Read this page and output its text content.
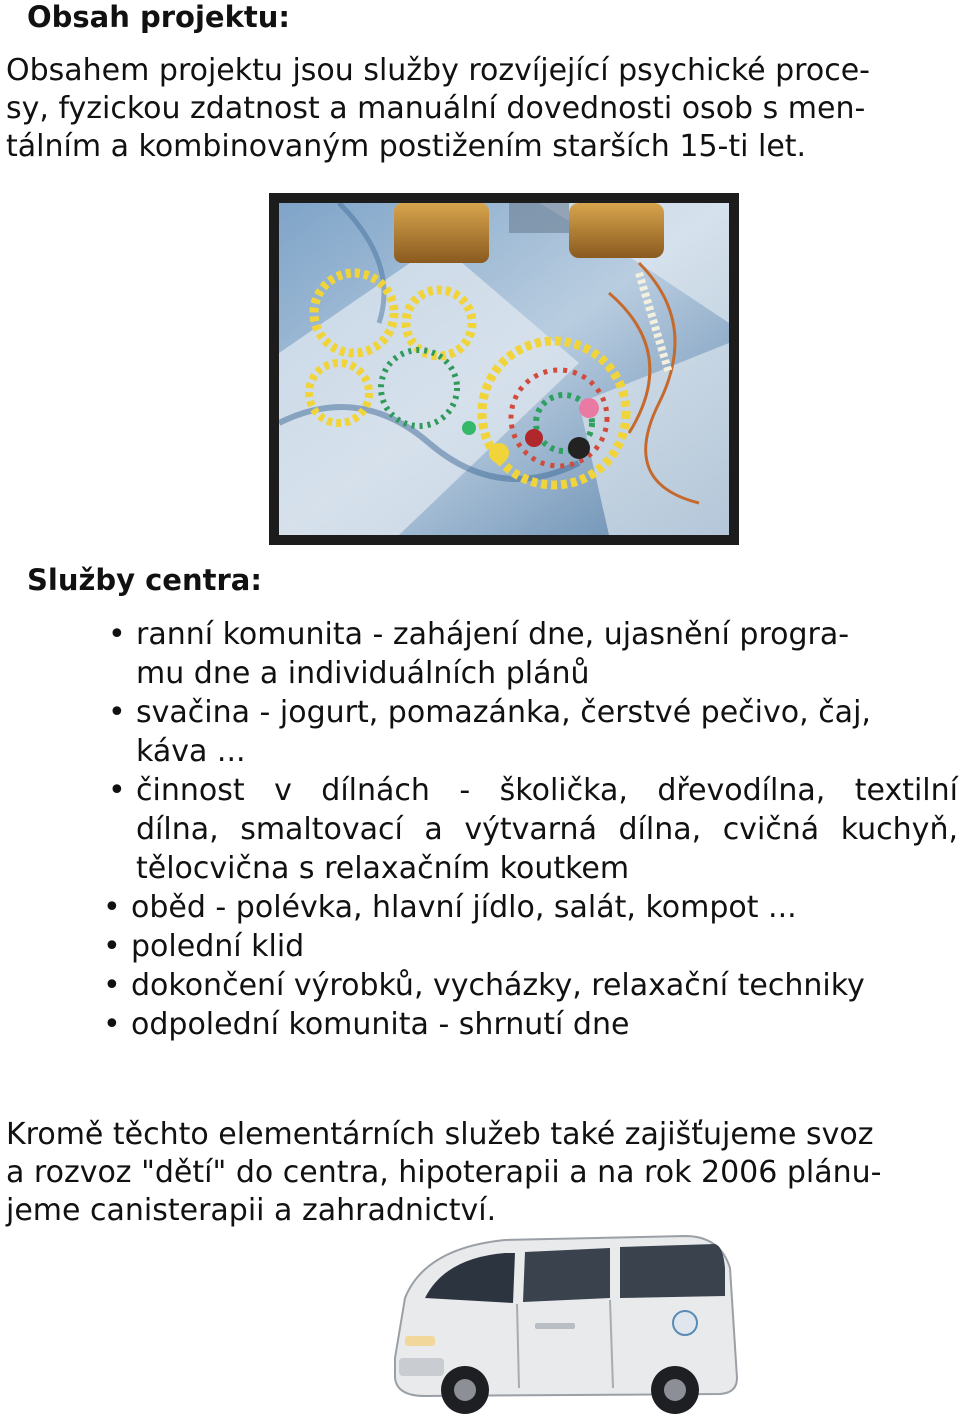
Obsah projektu:

Obsahem projektu jsou služby rozvíjející psychické proce-
sy, fyzickou zdatnost a manuální dovednosti osob s men-
tálním a kombinovaným postižením starších 15-ti let.

Služby centra:
• ranní komunita - zahájení dne, ujasnění progra-
mu dne a individuálních plánů
• svačina - jogurt, pomazánka, čerstvé pečivo, čaj,
káva ...
• činnost v dílnách - školička, dřevodílna, textilní
dílna, smaltovací a výtvarná dílna, cvičná kuchyň,
tělocvična s relaxačním koutkem
• oběd - polévka, hlavní jídlo, salát, kompot ...
• polední klid
• dokončení výrobků, vycházky, relaxační techniky
• odpolední komunita - shrnutí dne

Kromě těchto elementárních služeb také zajišťujeme svoz
a rozvoz "dětí" do centra, hipoterapii a na rok 2006 plánu-
jeme canisterapii a zahradnictví.
